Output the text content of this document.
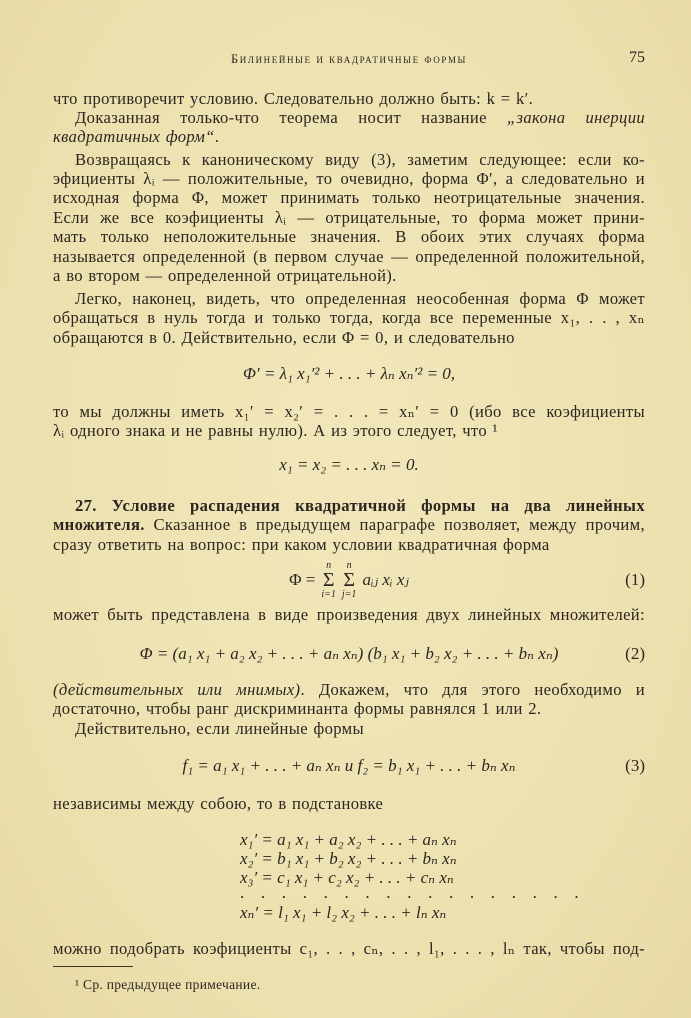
Билинейные и квадратичные формы	75
что противоречит условию. Следовательно должно быть: k = k′.
Доказанная только-что теорема носит название „закона инерции
квадратичных форм“.
Возвращаясь к каноническому виду (3), заметим следующее: если ко-
эфициенты λᵢ — положительные, то очевидно, форма Φ′, а следовательно и
исходная форма Φ, может принимать только неотрицательные значения.
Если же все коэфициенты λᵢ — отрицательные, то форма может прини-
мать только неположительные значения. В обоих этих случаях форма
называется определенной (в первом случае — определенной положительной,
а во втором — определенной отрицательной).
Легко, наконец, видеть, что определенная неособенная форма Φ может
обращаться в нуль тогда и только тогда, когда все переменные x₁, . . , xₙ
обращаются в 0. Действительно, если Φ = 0, и следовательно
то мы должны иметь x₁′ = x₂′ = . . . = xₙ′ = 0 (ибо все коэфициенты
λᵢ одного знака и не равны нулю). А из этого следует, что ¹
27. Условие распадения квадратичной формы на два линейных
множителя. Сказанное в предыдущем параграфе позволяет, между прочим,
сразу ответить на вопрос: при каком условии квадратичная форма
может быть представлена в виде произведения двух линейных множителей:
(действительных или мнимых). Докажем, что для этого необходимо и
достаточно, чтобы ранг дискриминанта формы равнялся 1 или 2.
Действительно, если линейные формы
независимы между собою, то в подстановке
можно подобрать коэфициенты c₁, . . , cₙ, . . , l₁, . . . , lₙ так, чтобы под-
Φ′ = λ₁ x₁′² + . . . + λₙ xₙ′² = 0,
x₁ = x₂ = . . . xₙ = 0.
Φ =
n
Σ
i=1
n
Σ
j=1
aᵢⱼ xᵢ xⱼ	(1)
Φ = (a₁ x₁ + a₂ x₂ + . . . + aₙ xₙ) (b₁ x₁ + b₂ x₂ + . . . + bₙ xₙ)	(2)
f₁ = a₁ x₁ + . . . + aₙ xₙ и f₂ = b₁ x₁ + . . . + bₙ xₙ	(3)
x₁′ = a₁ x₁ + a₂ x₂ + . . . + aₙ xₙ
x₂′ = b₁ x₁ + b₂ x₂ + . . . + bₙ xₙ
x₃′ = c₁ x₁ + c₂ x₂ + . . . + cₙ xₙ
. . . . . . . . . . . . . . . . .
xₙ′ = l₁ x₁ + l₂ x₂ + . . . + lₙ xₙ
¹ Ср. предыдущее примечание.
